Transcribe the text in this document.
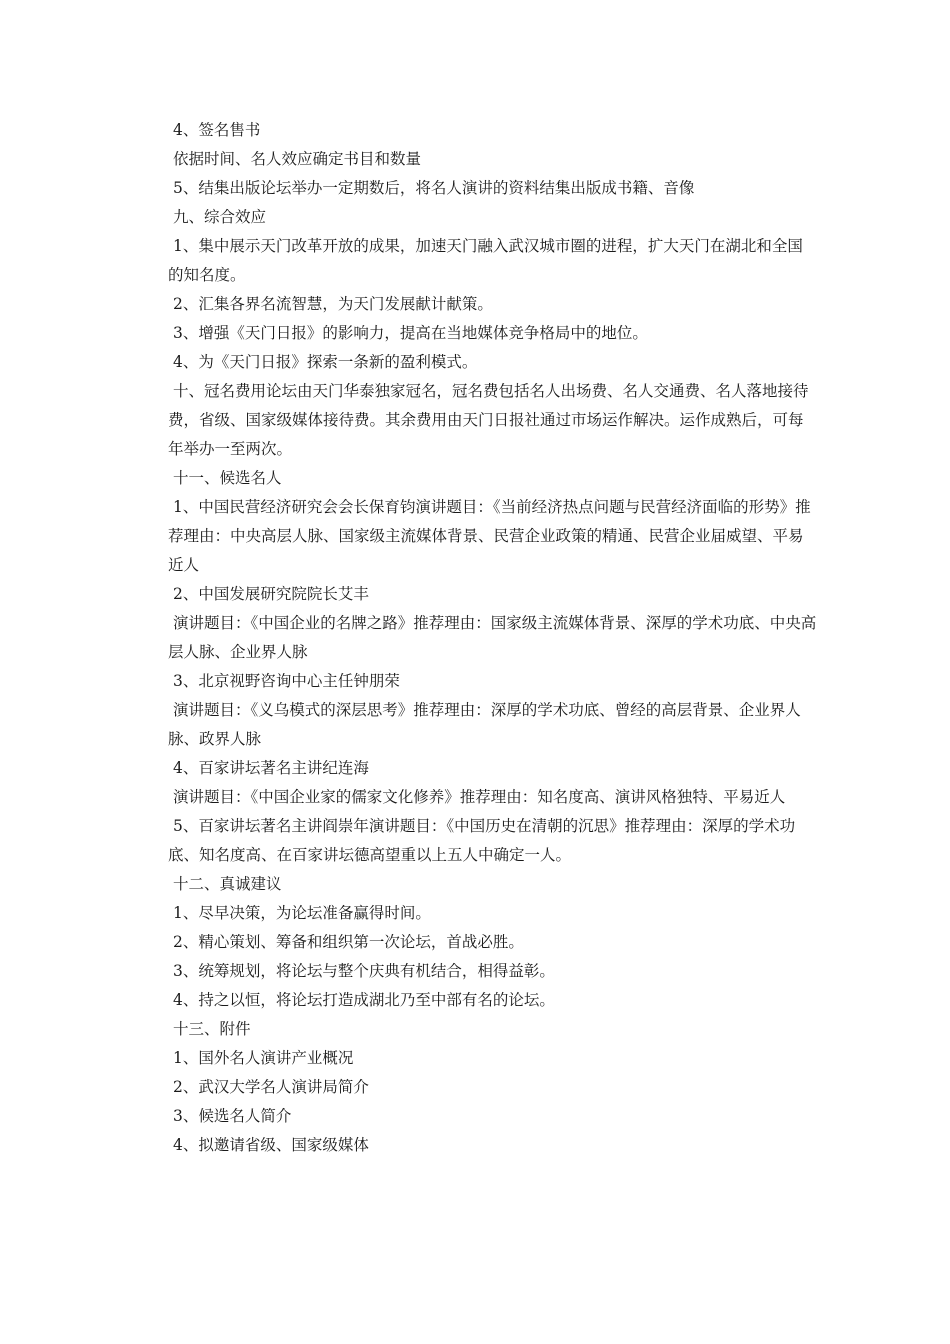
4、签名售书

依据时间、名人效应确定书目和数量

5、结集出版论坛举办一定期数后，将名人演讲的资料结集出版成书籍、音像

九、综合效应

1、集中展示天门改革开放的成果，加速天门融入武汉城市圈的进程，扩大天门在湖北和全国的知名度。

2、汇集各界名流智慧，为天门发展献计献策。

3、增强《天门日报》的影响力，提高在当地媒体竞争格局中的地位。

4、为《天门日报》探索一条新的盈利模式。

十、冠名费用论坛由天门华泰独家冠名，冠名费包括名人出场费、名人交通费、名人落地接待费，省级、国家级媒体接待费。其余费用由天门日报社通过市场运作解决。运作成熟后，可每年举办一至两次。

十一、候选名人

1、中国民营经济研究会会长保育钧演讲题目：《当前经济热点问题与民营经济面临的形势》推荐理由：中央高层人脉、国家级主流媒体背景、民营企业政策的精通、民营企业届威望、平易近人

2、中国发展研究院院长艾丰

演讲题目：《中国企业的名牌之路》推荐理由：国家级主流媒体背景、深厚的学术功底、中央高层人脉、企业界人脉

3、北京视野咨询中心主任钟朋荣

演讲题目：《义乌模式的深层思考》推荐理由：深厚的学术功底、曾经的高层背景、企业界人脉、政界人脉

4、百家讲坛著名主讲纪连海

演讲题目：《中国企业家的儒家文化修养》推荐理由：知名度高、演讲风格独特、平易近人

5、百家讲坛著名主讲阎崇年演讲题目：《中国历史在清朝的沉思》推荐理由：深厚的学术功底、知名度高、在百家讲坛德高望重以上五人中确定一人。

十二、真诚建议

1、尽早决策，为论坛准备赢得时间。

2、精心策划、筹备和组织第一次论坛，首战必胜。

3、统筹规划，将论坛与整个庆典有机结合，相得益彰。

4、持之以恒，将论坛打造成湖北乃至中部有名的论坛。

十三、附件

1、国外名人演讲产业概况

2、武汉大学名人演讲局简介

3、候选名人简介

4、拟邀请省级、国家级媒体
